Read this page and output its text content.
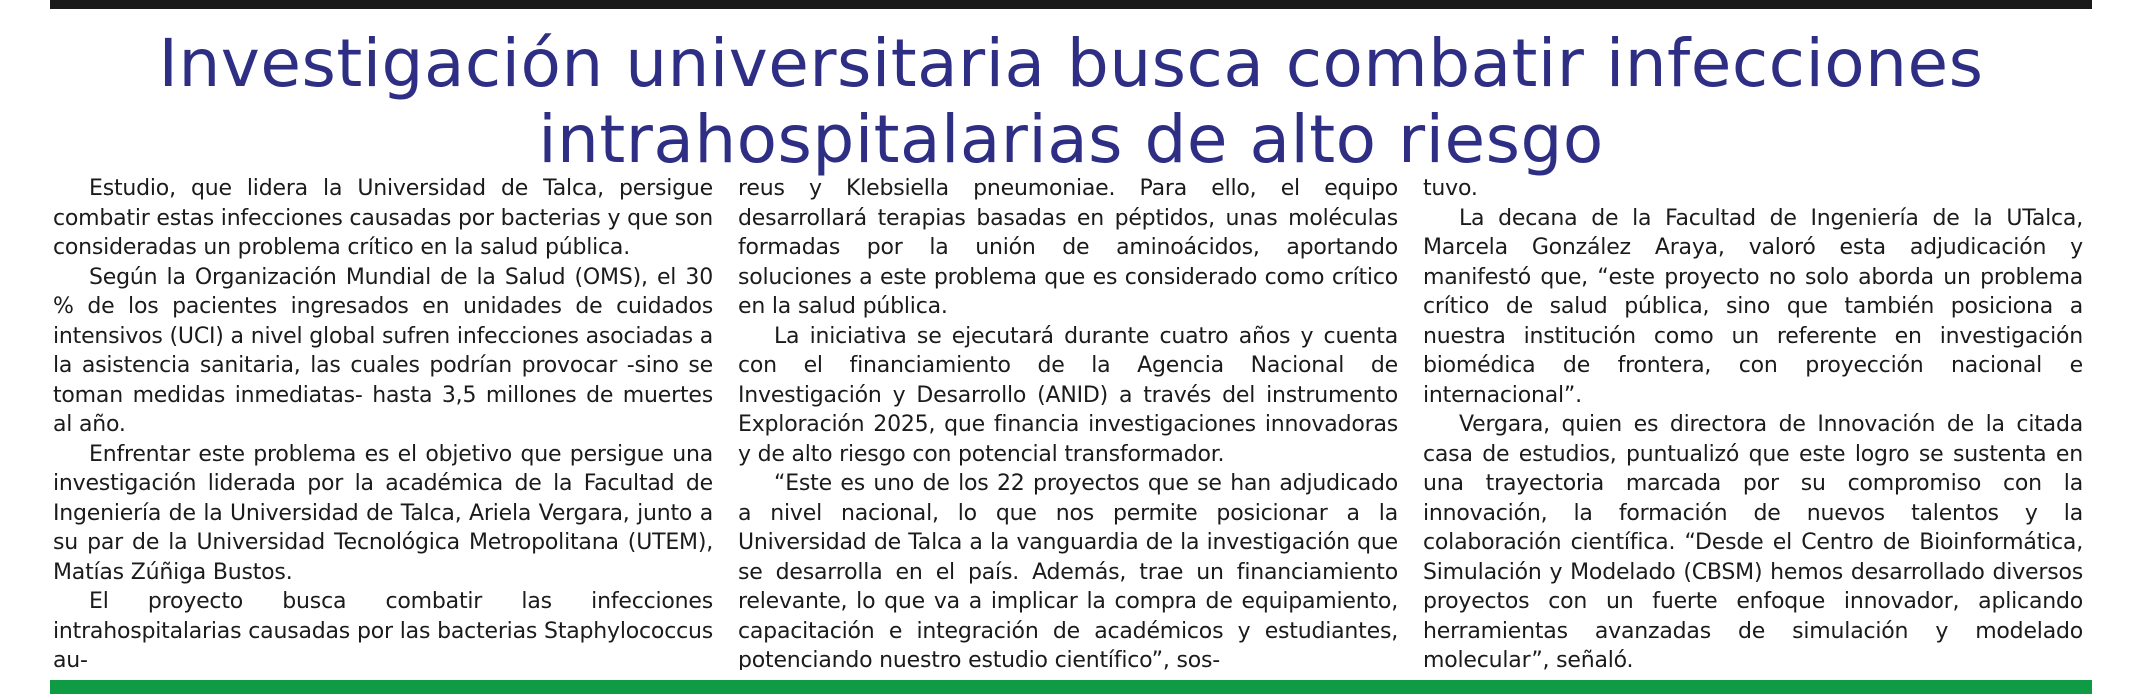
Investigación universitaria busca combatir infecciones
intrahospitalarias de alto riesgo

Estudio, que lidera la Universidad de Talca, persigue combatir estas infecciones causadas por bacterias y que son consideradas un problema crítico en la salud pública.

Según la Organización Mundial de la Salud (OMS), el 30 % de los pacientes ingresados en unidades de cuidados intensivos (UCI) a nivel global sufren infecciones asociadas a la asistencia sanitaria, las cuales podrían provocar -sino se toman medidas inmediatas- hasta 3,5 millones de muertes al año.

Enfrentar este problema es el objetivo que persigue una investigación liderada por la académica de la Facultad de Ingeniería de la Universidad de Talca, Ariela Vergara, junto a su par de la Universidad Tecnológica Metropolitana (UTEM), Matías Zúñiga Bustos.

El proyecto busca combatir las infecciones intrahospitalarias causadas por las bacterias Staphylococcus au-

reus y Klebsiella pneumoniae. Para ello, el equipo desarrollará terapias basadas en péptidos, unas moléculas formadas por la unión de aminoácidos, aportando soluciones a este problema que es considerado como crítico en la salud pública.

La iniciativa se ejecutará durante cuatro años y cuenta con el financiamiento de la Agencia Nacional de Investigación y Desarrollo (ANID) a través del instrumento Exploración 2025, que financia investigaciones innovadoras y de alto riesgo con potencial transformador.

“Este es uno de los 22 proyectos que se han adjudicado a nivel nacional, lo que nos permite posicionar a la Universidad de Talca a la vanguardia de la investigación que se desarrolla en el país. Además, trae un financiamiento relevante, lo que va a implicar la compra de equipamiento, capacitación e integración de académicos y estudiantes, potenciando nuestro estudio científico”, sos-

tuvo.

La decana de la Facultad de Ingeniería de la UTalca, Marcela González Araya, valoró esta adjudicación y manifestó que, “este proyecto no solo aborda un problema crítico de salud pública, sino que también posiciona a nuestra institución como un referente en investigación biomédica de frontera, con proyección nacional e internacional”.

Vergara, quien es directora de Innovación de la citada casa de estudios, puntualizó que este logro se sustenta en una trayectoria marcada por su compromiso con la innovación, la formación de nuevos talentos y la colaboración científica. “Desde el Centro de Bioinformática, Simulación y Modelado (CBSM) hemos desarrollado diversos proyectos con un fuerte enfoque innovador, aplicando herramientas avanzadas de simulación y modelado molecular”, señaló.
